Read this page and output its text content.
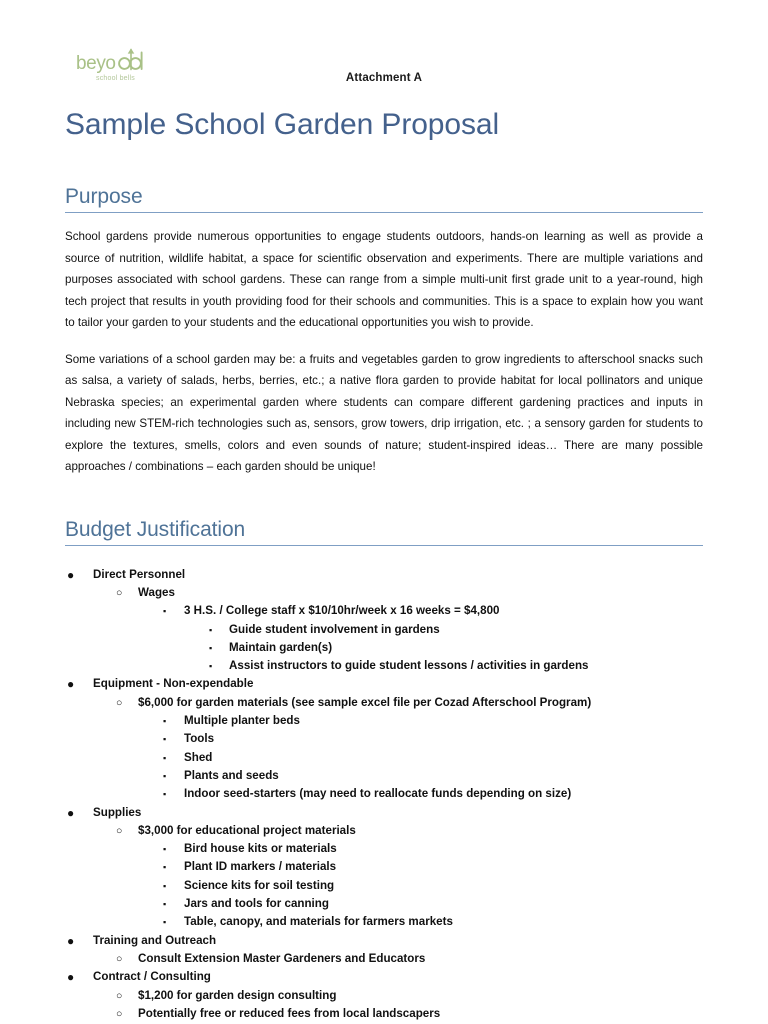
beyo
school bells	Attachment A
Sample School Garden Proposal
Purpose

School gardens provide numerous opportunities to engage students outdoors, hands-on learning as well as provide a source of nutrition, wildlife habitat, a space for scientific observation and experiments. There are multiple variations and purposes associated with school gardens. These can range from a simple multi-unit first grade unit to a year-round, high tech project that results in youth providing food for their schools and communities. This is a space to explain how you want to tailor your garden to your students and the educational opportunities you wish to provide.

Some variations of a school garden may be: a fruits and vegetables garden to grow ingredients to afterschool snacks such as salsa, a variety of salads, herbs, berries, etc.; a native flora garden to provide habitat for local pollinators and unique Nebraska species; an experimental garden where students can compare different gardening practices and inputs in including new STEM-rich technologies such as, sensors, grow towers, drip irrigation, etc. ; a sensory garden for students to explore the textures, smells, colors and even sounds of nature; student-inspired ideas… There are many possible approaches / combinations – each garden should be unique!

Budget Justification
● Direct Personnel
○ Wages
▪ 3 H.S. / College staff x $10/10hr/week x 16 weeks = $4,800
▪ Guide student involvement in gardens
▪ Maintain garden(s)
▪ Assist instructors to guide student lessons / activities in gardens
● Equipment - Non-expendable
○ $6,000 for garden materials (see sample excel file per Cozad Afterschool Program)
▪ Multiple planter beds
▪ Tools
▪ Shed
▪ Plants and seeds
▪ Indoor seed-starters (may need to reallocate funds depending on size)
● Supplies
○ $3,000 for educational project materials
▪ Bird house kits or materials
▪ Plant ID markers / materials
▪ Science kits for soil testing
▪ Jars and tools for canning
▪ Table, canopy, and materials for farmers markets
● Training and Outreach
○ Consult Extension Master Gardeners and Educators
● Contract / Consulting
○ $1,200 for garden design consulting
○ Potentially free or reduced fees from local landscapers
